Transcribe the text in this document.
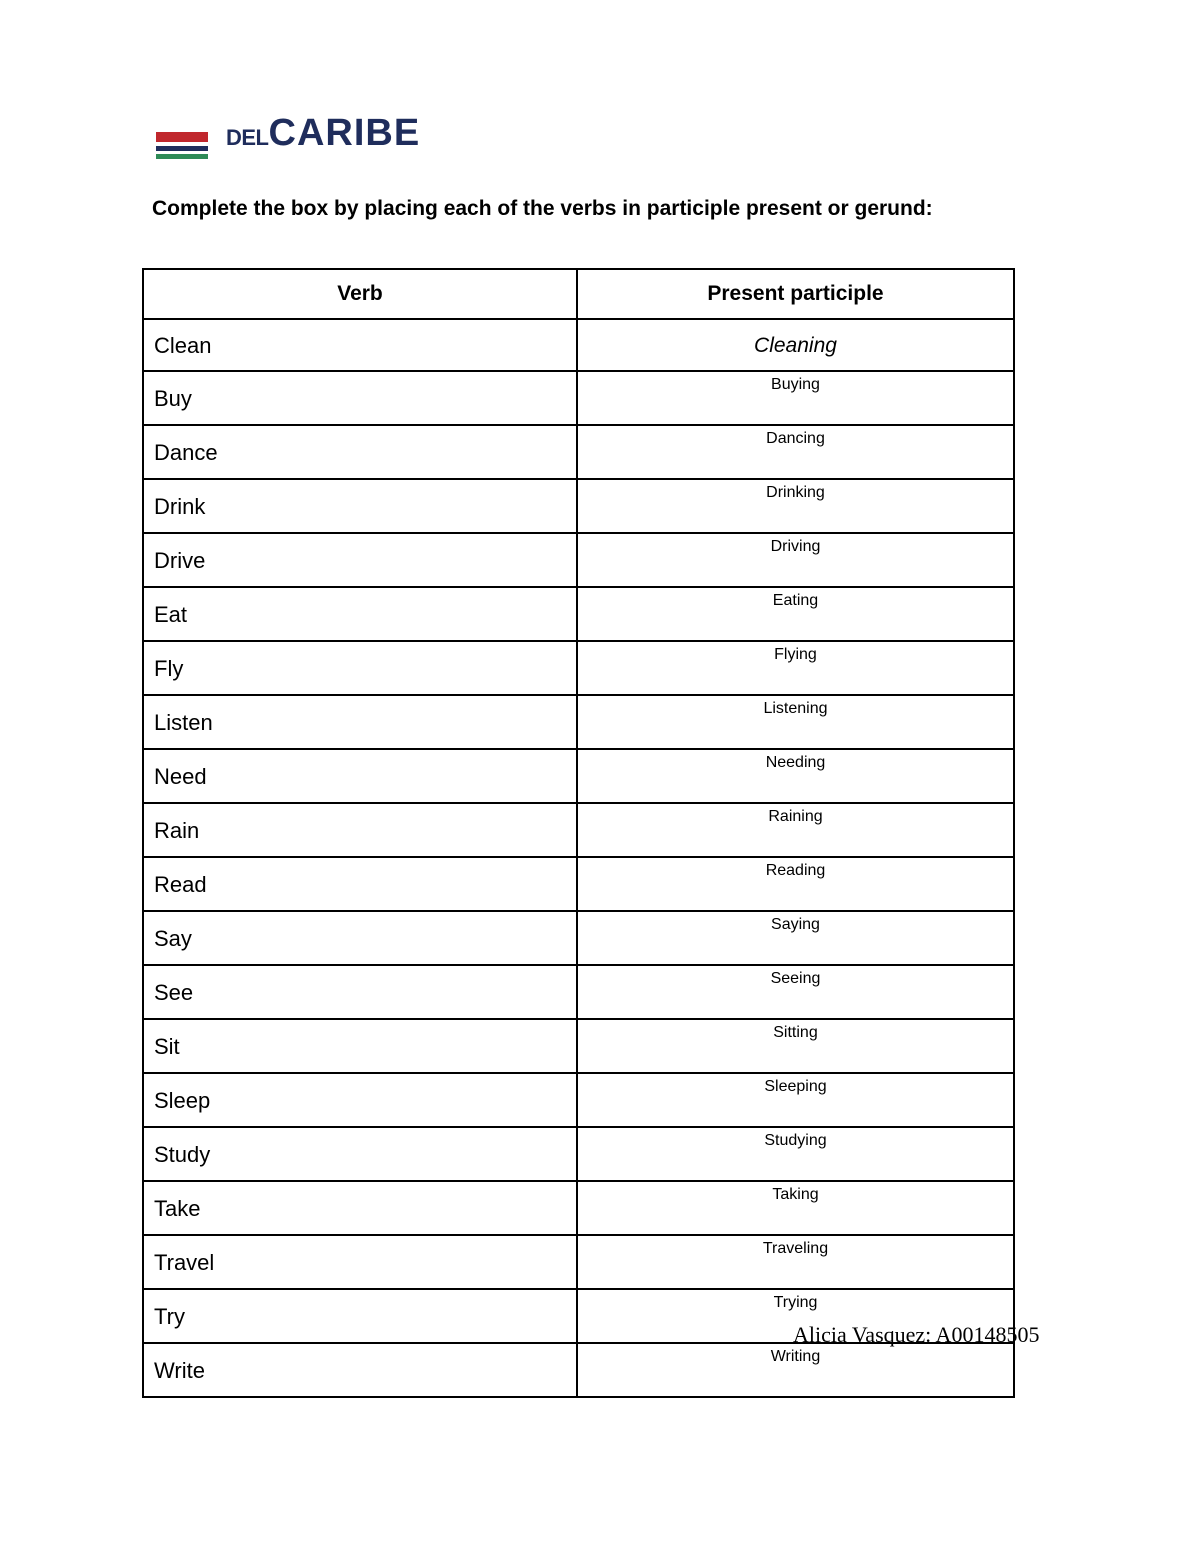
DELCARIBE
Complete the box by placing each of the verbs in participle present or gerund:
Verb	Present participle
Clean	Cleaning
Buy	Buying
Dance	Dancing
Drink	Drinking
Drive	Driving
Eat	Eating
Fly	Flying
Listen	Listening
Need	Needing
Rain	Raining
Read	Reading
Say	Saying
See	Seeing
Sit	Sitting
Sleep	Sleeping
Study	Studying
Take	Taking
Travel	Traveling
Try	Trying
Write	Writing
Alicia Vasquez: A00148505
